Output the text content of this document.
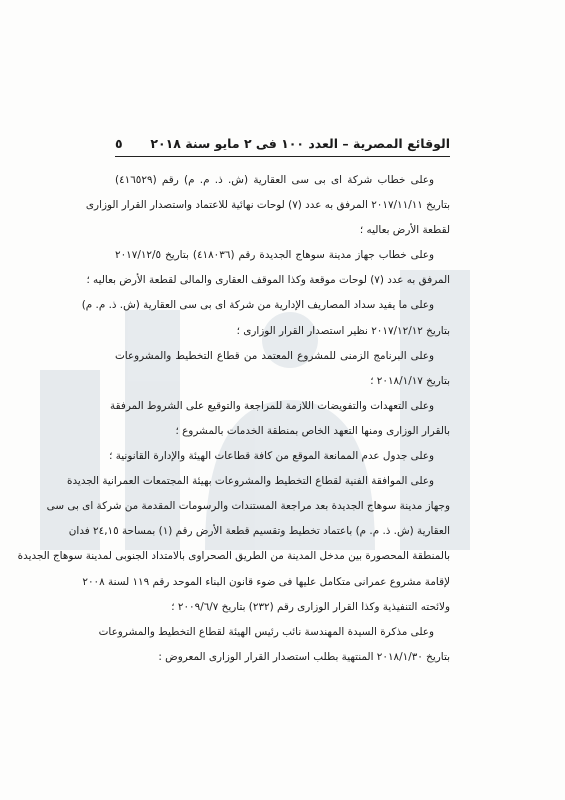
الوقائع المصرية – العدد ١٠٠ فى ٢ مايو سنة ٢٠١٨
٥
وعلى خطاب شركة اى بى سى العقارية (ش. ذ. م. م) رقم (٤١٦٥٢٩)
بتاريخ ٢٠١٧/١١/١١ المرفق به عدد (٧) لوحات نهائية للاعتماد واستصدار القرار الوزارى
لقطعة الأرض بعاليه ؛
وعلى خطاب جهاز مدينة سوهاج الجديدة رقم (٤١٨٠٣٦) بتاريخ ٢٠١٧/١٢/٥
المرفق به عدد (٧) لوحات موقعة وكذا الموقف العقارى والمالى لقطعة الأرض بعاليه ؛
وعلى ما يفيد سداد المصاريف الإدارية من شركة اى بى سى العقارية (ش. ذ. م. م)
بتاريخ ٢٠١٧/١٢/١٢ نظير استصدار القرار الوزارى ؛
وعلى البرنامج الزمنى للمشروع المعتمد من قطاع التخطيط والمشروعات
بتاريخ ٢٠١٨/١/١٧ ؛
وعلى التعهدات والتفويضات اللازمة للمراجعة والتوقيع على الشروط المرفقة
بالقرار الوزارى ومنها التعهد الخاص بمنطقة الخدمات بالمشروع ؛
وعلى جدول عدم الممانعة الموقع من كافة قطاعات الهيئة والإدارة القانونية ؛
وعلى الموافقة الفنية لقطاع التخطيط والمشروعات بهيئة المجتمعات العمرانية الجديدة
وجهاز مدينة سوهاج الجديدة بعد مراجعة المستندات والرسومات المقدمة من شركة اى بى سى
العقارية (ش. ذ. م. م) باعتماد تخطيط وتقسيم قطعة الأرض رقم (١) بمساحة ٢٤,١٥ فدان
بالمنطقة المحصورة بين مدخل المدينة من الطريق الصحراوى بالامتداد الجنوبى لمدينة سوهاج الجديدة
لإقامة مشروع عمرانى متكامل عليها فى ضوء قانون البناء الموحد رقم ١١٩ لسنة ٢٠٠٨
ولائحته التنفيذية وكذا القرار الوزارى رقم (٢٣٢) بتاريخ ٢٠٠٩/٦/٧ ؛
وعلى مذكرة السيدة المهندسة نائب رئيس الهيئة لقطاع التخطيط والمشروعات
بتاريخ ٢٠١٨/١/٣٠ المنتهية بطلب استصدار القرار الوزارى المعروض :
